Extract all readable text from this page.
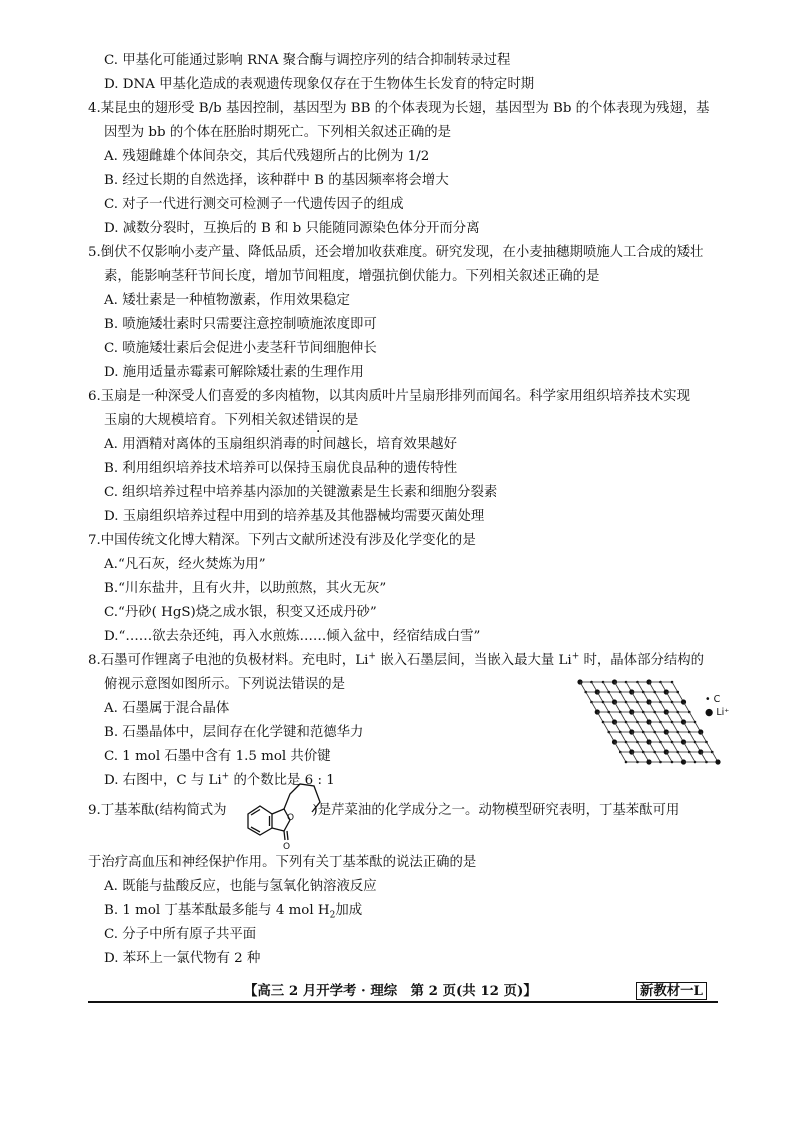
C. 甲基化可能通过影响 RNA 聚合酶与调控序列的结合抑制转录过程
D. DNA 甲基化造成的表观遗传现象仅存在于生物体生长发育的特定时期
4.某昆虫的翅形受 B/b 基因控制，基因型为 BB 的个体表现为长翅，基因型为 Bb 的个体表现为残翅，基
因型为 bb 的个体在胚胎时期死亡。下列相关叙述正确的是
A. 残翅雌雄个体间杂交，其后代残翅所占的比例为 1/2
B. 经过长期的自然选择，该种群中 B 的基因频率将会增大
C. 对子一代进行测交可检测子一代遗传因子的组成
D. 减数分裂时，互换后的 B 和 b 只能随同源染色体分开而分离
5.倒伏不仅影响小麦产量、降低品质，还会增加收获难度。研究发现，在小麦抽穗期喷施人工合成的矮壮
素，能影响茎秆节间长度，增加节间粗度，增强抗倒伏能力。下列相关叙述正确的是
A. 矮壮素是一种植物激素，作用效果稳定
B. 喷施矮壮素时只需要注意控制喷施浓度即可
C. 喷施矮壮素后会促进小麦茎秆节间细胞伸长
D. 施用适量赤霉素可解除矮壮素的生理作用
6.玉扇是一种深受人们喜爱的多肉植物，以其肉质叶片呈扇形排列而闻名。科学家用组织培养技术实现
玉扇的大规模培育。下列相关叙述错误的是
A. 用酒精对离体的玉扇组织消毒的时间越长，培育效果越好
B. 利用组织培养技术培养可以保持玉扇优良品种的遗传特性
C. 组织培养过程中培养基内添加的关键激素是生长素和细胞分裂素
D. 玉扇组织培养过程中用到的培养基及其他器械均需要灭菌处理
7.中国传统文化博大精深。下列古文献所述没有涉及化学变化的是
A.“凡石灰，经火焚炼为用”
B.“川东盐井，且有火井，以助煎熬，其火无灰”
C.“丹砂( HgS)烧之成水银，积变又还成丹砂”
D.“……欲去杂还纯，再入水煎炼……倾入盆中，经宿结成白雪”
8.石墨可作锂离子电池的负极材料。充电时，Li+ 嵌入石墨层间，当嵌入最大量 Li+ 时，晶体部分结构的
俯视示意图如图所示。下列说法错误的是
A. 石墨属于混合晶体
B. 石墨晶体中，层间存在化学键和范德华力
C. 1 mol 石墨中含有 1.5 mol 共价键
D. 右图中，C 与 Li+ 的个数比是 6 : 1
• C
● Li⁺
9.丁基苯酞(结构简式为	)是芹菜油的化学成分之一。动物模型研究表明，丁基苯酞可用
O
O
于治疗高血压和神经保护作用。下列有关丁基苯酞的说法正确的是
A. 既能与盐酸反应，也能与氢氧化钠溶液反应
B. 1 mol 丁基苯酞最多能与 4 mol $H_2$加成
C. 分子中所有原子共平面
D. 苯环上一氯代物有 2 种
【高三 2 月开学考 · 理综　第 2 页(共 12 页)】	新教材一L
